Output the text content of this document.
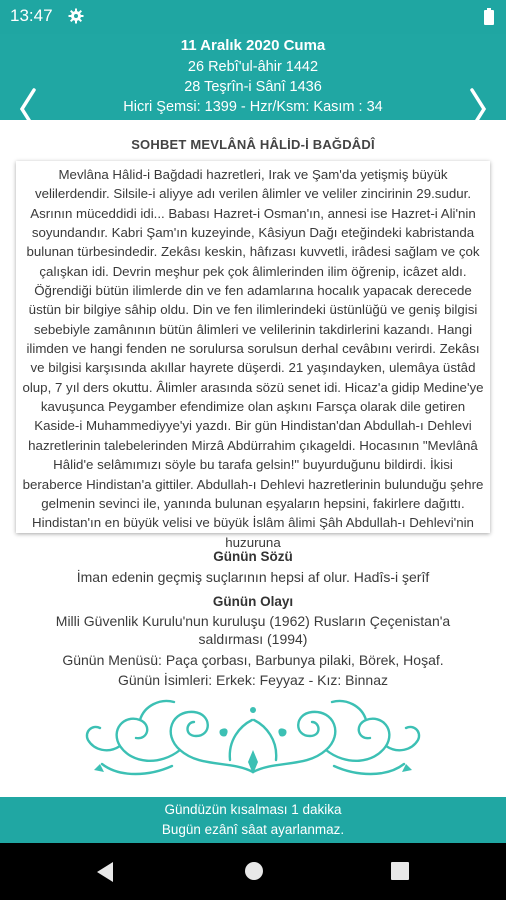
13:47
11 Aralık 2020 Cuma
26 Rebî'ul-âhir 1442
28 Teşrîn-i Sânî 1436
Hicri Şemsi: 1399 - Hzr/Ksm: Kasım : 34
SOHBET MEVLÂNÂ HÂLİD-İ BAĞDÂDÎ
Mevlâna Hâlid-i Bağdadi hazretleri, Irak ve Şam'da yetişmiş büyük velilerdendir. Silsile-i aliyye adı verilen âlimler ve veliler zincirinin 29.sudur. Asrının müceddidi idi... Babası Hazret-i Osman'ın, annesi ise Hazret-i Ali'nin soyundandır. Kabri Şam'ın kuzeyinde, Kâsiyun Dağı eteğindeki kabristanda bulunan türbesindedir. Zekâsı keskin, hâfızası kuvvetli, irâdesi sağlam ve çok çalışkan idi. Devrin meşhur pek çok âlimlerinden ilim öğrenip, icâzet aldı. Öğrendiği bütün ilimlerde din ve fen adamlarına hocalık yapacak derecede üstün bir bilgiye sâhip oldu. Din ve fen ilimlerindeki üstünlüğü ve geniş bilgisi sebebiyle zamânının bütün âlimleri ve velilerinin takdirlerini kazandı. Hangi ilimden ve hangi fenden ne sorulursa sorulsun derhal cevâbını verirdi. Zekâsı ve bilgisi karşısında akıllar hayrete düşerdi. 21 yaşındayken, ulemâya üstâd olup, 7 yıl ders okuttu. Âlimler arasında sözü senet idi. Hicaz'a gidip Medine'ye kavuşunca Peygamber efendimize olan aşkını Farsça olarak dile getiren Kaside-i Muhammediyye'yi yazdı. Bir gün Hindistan'dan Abdullah-ı Dehlevi hazretlerinin talebelerinden Mirzâ Abdürrahim çıkageldi. Hocasının "Mevlânâ Hâlid'e selâmımızı söyle bu tarafa gelsin!" buyurduğunu bildirdi. İkisi beraberce Hindistan'a gittiler. Abdullah-ı Dehlevi hazretlerinin bulunduğu şehre gelmenin sevinci ile, yanında bulunan eşyaların hepsini, fakirlere dağıttı. Hindistan'ın en büyük velisi ve büyük İslâm âlimi Şâh Abdullah-ı Dehlevi'nin huzuruna
Günün Sözü
İman edenin geçmiş suçlarının hepsi af olur. Hadîs-i şerîf
Günün Olayı
Milli Güvenlik Kurulu'nun kuruluşu (1962) Rusların Çeçenistan'a
saldırması (1994)
Günün Menüsü: Paça çorbası, Barbunya pilaki, Börek, Hoşaf.
Günün İsimleri: Erkek: Feyyaz - Kız: Binnaz
Gündüzün kısalması 1 dakika
Bugün ezânî sâat ayarlanmaz.
